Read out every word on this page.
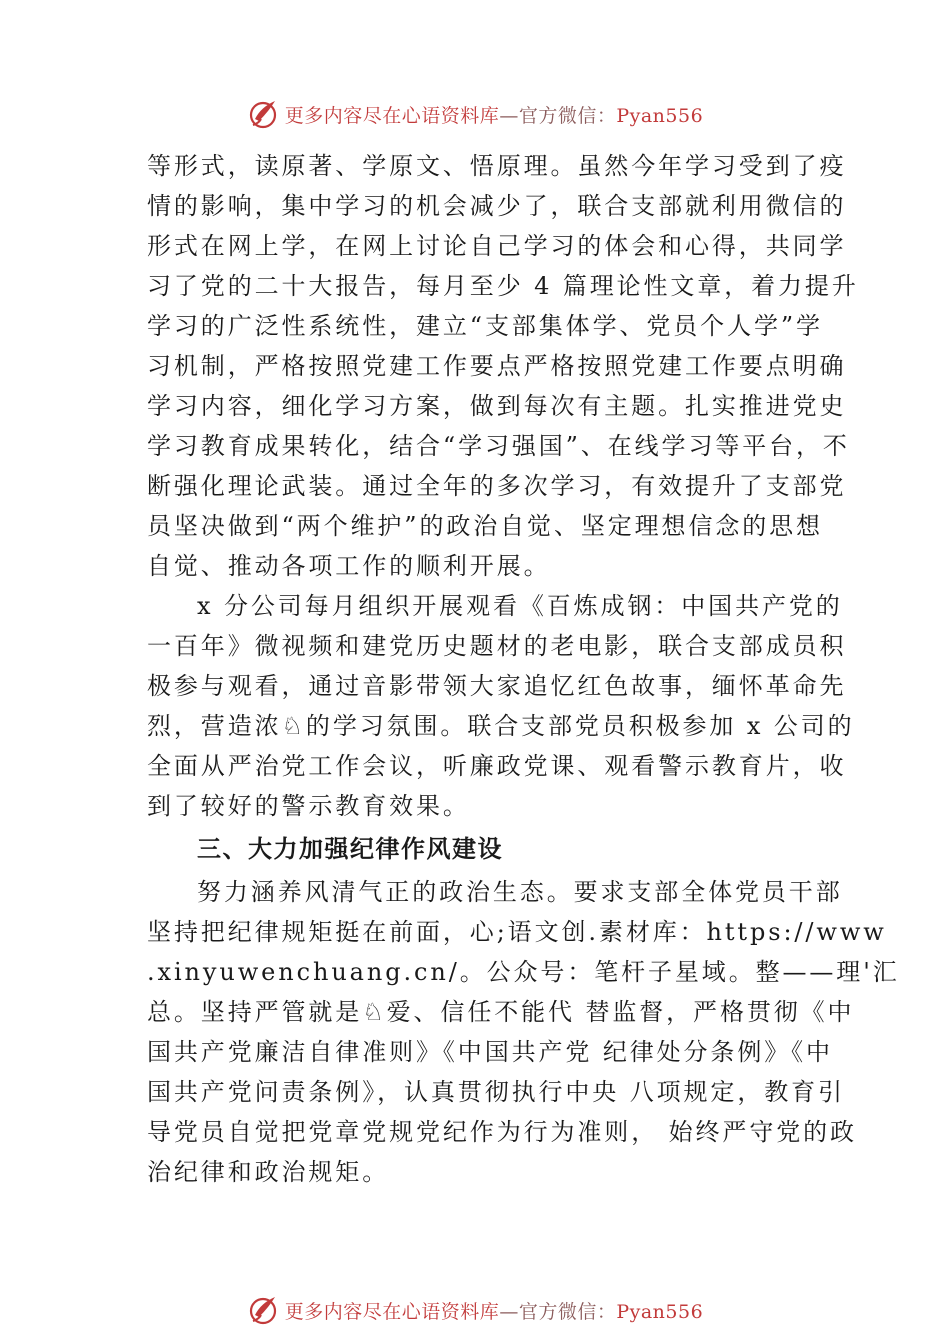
更多内容尽在心语资料库—官方微信：Pyan556
等形式，读原著、学原文、悟原理。虽然今年学习受到了疫
情的影响，集中学习的机会减少了，联合支部就利用微信的
形式在网上学，在网上讨论自己学习的体会和心得，共同学
习了党的二十大报告，每月至少 4 篇理论性文章，着力提升
学习的广泛性系统性，建立“支部集体学、党员个人学”学
习机制，严格按照党建工作要点严格按照党建工作要点明确
学习内容，细化学习方案，做到每次有主题。扎实推进党史
学习教育成果转化，结合“学习强国”、在线学习等平台，不
断强化理论武装。通过全年的多次学习，有效提升了支部党
员坚决做到“两个维护”的政治自觉、坚定理想信念的思想
自觉、推动各项工作的顺利开展。
x 分公司每月组织开展观看《百炼成钢：中国共产党的
一百年》微视频和建党历史题材的老电影，联合支部成员积
极参与观看，通过音影带领大家追忆红色故事，缅怀革命先
烈，营造浓♘的学习氛围。联合支部党员积极参加 x 公司的
全面从严治党工作会议，听廉政党课、观看警示教育片，收
到了较好的警示教育效果。
三、大力加强纪律作风建设
努力涵养风清气正的政治生态。要求支部全体党员干部
坚持把纪律规矩挺在前面，心;语文创.素材库：https://www
.xinyuwenchuang.cn/。公众号：笔杆子星域。整——理'汇
总。坚持严管就是♘爱、信任不能代 替监督，严格贯彻《中
国共产党廉洁自律准则》《中国共产党 纪律处分条例》《中
国共产党问责条例》，认真贯彻执行中央 八项规定，教育引
导党员自觉把党章党规党纪作为行为准则， 始终严守党的政
治纪律和政治规矩。
更多内容尽在心语资料库—官方微信：Pyan556
